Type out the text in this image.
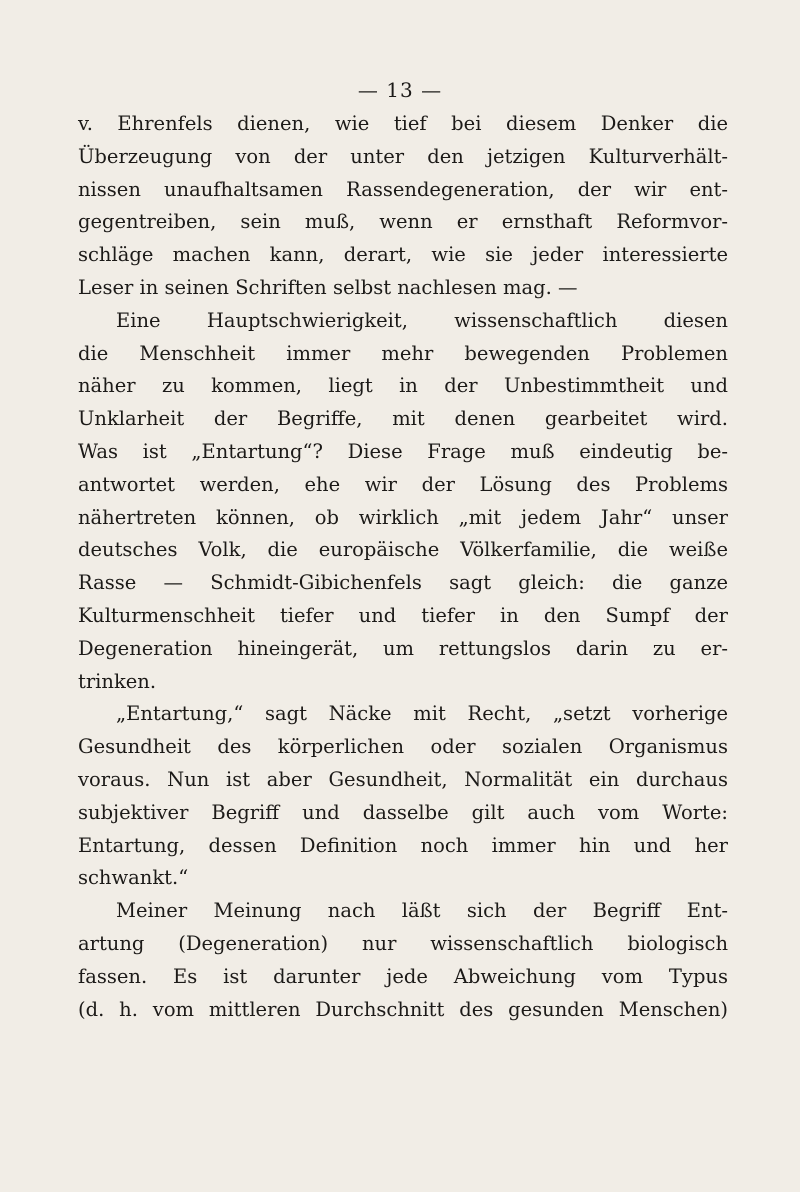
— 13 —
v. Ehrenfels dienen, wie tief bei diesem Denker die
Überzeugung von der unter den jetzigen Kulturverhält-
nissen unaufhaltsamen Rassendegeneration, der wir ent-
gegentreiben, sein muß, wenn er ernsthaft Reformvor-
schläge machen kann, derart, wie sie jeder interessierte
Leser in seinen Schriften selbst nachlesen mag. —
Eine Hauptschwierigkeit, wissenschaftlich diesen
die Menschheit immer mehr bewegenden Problemen
näher zu kommen, liegt in der Unbestimmtheit und
Unklarheit der Begriffe, mit denen gearbeitet wird.
Was ist „Entartung“? Diese Frage muß eindeutig be-
antwortet werden, ehe wir der Lösung des Problems
nähertreten können, ob wirklich „mit jedem Jahr“ unser
deutsches Volk, die europäische Völkerfamilie, die weiße
Rasse — Schmidt-Gibichenfels sagt gleich: die ganze
Kulturmenschheit tiefer und tiefer in den Sumpf der
Degeneration hineingerät, um rettungslos darin zu er-
trinken.
„Entartung,“ sagt Näcke mit Recht, „setzt vorherige
Gesundheit des körperlichen oder sozialen Organismus
voraus. Nun ist aber Gesundheit, Normalität ein durchaus
subjektiver Begriff und dasselbe gilt auch vom Worte:
Entartung, dessen Definition noch immer hin und her
schwankt.“
Meiner Meinung nach läßt sich der Begriff Ent-
artung (Degeneration) nur wissenschaftlich biologisch
fassen. Es ist darunter jede Abweichung vom Typus
(d. h. vom mittleren Durchschnitt des gesunden Menschen)
